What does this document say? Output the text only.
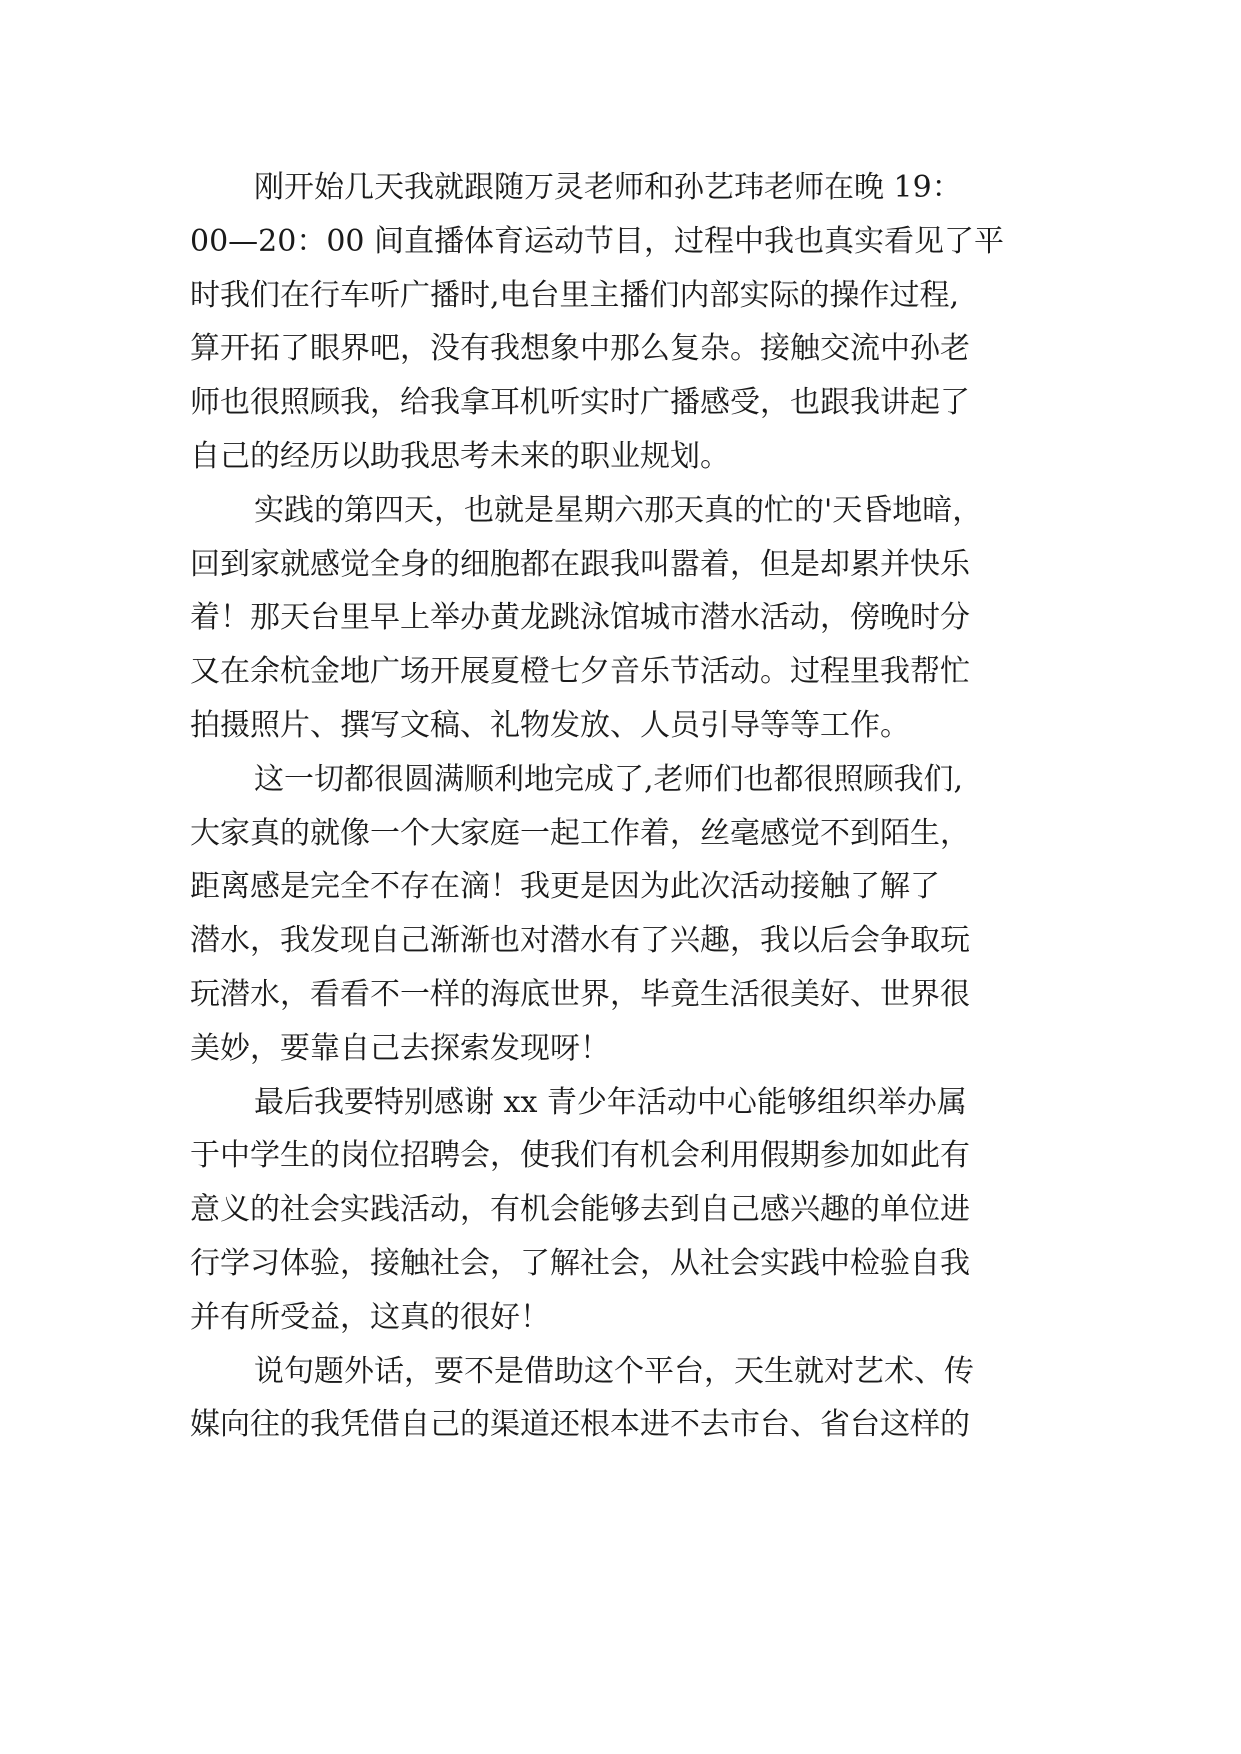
刚开始几天我就跟随万灵老师和孙艺玮老师在晚 19：
00—20：00 间直播体育运动节目，过程中我也真实看见了平
时我们在行车听广播时,电台里主播们内部实际的操作过程,
算开拓了眼界吧，没有我想象中那么复杂。接触交流中孙老
师也很照顾我，给我拿耳机听实时广播感受，也跟我讲起了
自己的经历以助我思考未来的职业规划。
实践的第四天，也就是星期六那天真的忙的'天昏地暗，
回到家就感觉全身的细胞都在跟我叫嚣着，但是却累并快乐
着！那天台里早上举办黄龙跳泳馆城市潜水活动，傍晚时分
又在余杭金地广场开展夏橙七夕音乐节活动。过程里我帮忙
拍摄照片、撰写文稿、礼物发放、人员引导等等工作。
这一切都很圆满顺利地完成了,老师们也都很照顾我们,
大家真的就像一个大家庭一起工作着，丝毫感觉不到陌生，
距离感是完全不存在滴！我更是因为此次活动接触了解了
潜水，我发现自己渐渐也对潜水有了兴趣，我以后会争取玩
玩潜水，看看不一样的海底世界，毕竟生活很美好、世界很
美妙，要靠自己去探索发现呀！
最后我要特别感谢 xx 青少年活动中心能够组织举办属
于中学生的岗位招聘会，使我们有机会利用假期参加如此有
意义的社会实践活动，有机会能够去到自己感兴趣的单位进
行学习体验，接触社会，了解社会，从社会实践中检验自我
并有所受益，这真的很好！
说句题外话，要不是借助这个平台，天生就对艺术、传
媒向往的我凭借自己的渠道还根本进不去市台、省台这样的
